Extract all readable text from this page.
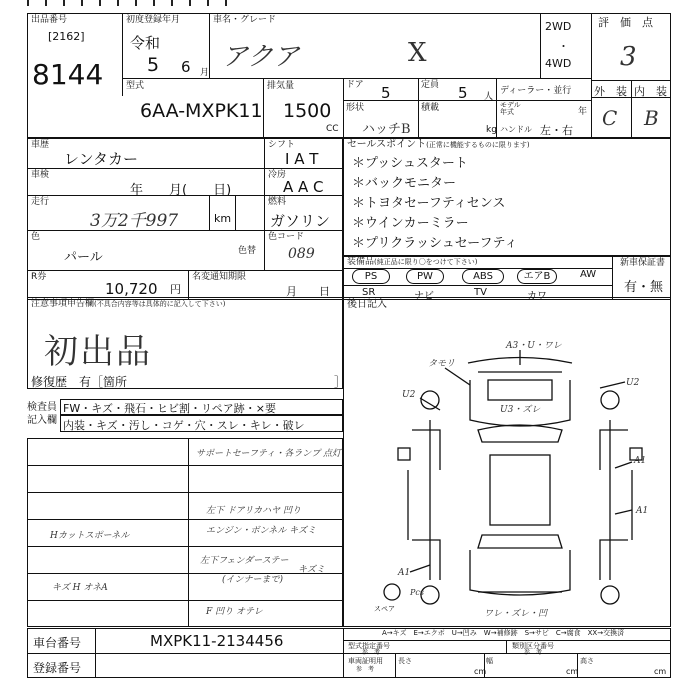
出品番号
[2162]
8144
初度登録年月
令和
5 6 月
車名・グレード
アクア	X
2WD
・
4WD
評　価　点
3
外　装 内　装
C B
型式
6AA-MXPK11
排気量
1500
CC
ドア 5	定員 5 人
ディーラー・並行
モデル
年式	年
形状
ハッチB
積載
kg ハンドル 左・右
車歴
レンタカー
シフト
I A T
車検
年　　月(　　日)
冷房
A A C
走行
3万2千997	km
燃料
ガソリン
色
パール	色替
色コード
089
R券
10,720 円
名変通知期限
月　　日
セールスポイント(正常に機能するものに限ります)
＊プッシュスタート
＊バックモニター
＊トヨタセーフティセンス
＊ウインカーミラー
＊プリクラッシュセーフティ
装備品(純正品に限り〇をつけて下さい)	新車保証書
有・無
PS	PW	ABS	エアB	AW
SR	ナビ	TV	カワ
注意事項申告欄(不具合内容等は具体的に記入して下さい)
初出品
修復歴　有［箇所	］
後日記入
A3・U・ワレ
タモリ
U2
U3・ズレ
U2
A1
A1
A1
スペア	ワレ・ズレ・凹
Pcs
検査員
記入欄
FW・キズ・飛石・ヒビ割・リペア跡・×要
内装・キズ・汚し・コゲ・穴・スレ・キレ・破レ
サポートセーフティ・各ランプ 点灯
左下 ドアリカハヤ 凹り
エンジン・ボンネル キズミ
Hカットスポーネル
左下フェンダーステー
(インナーまで)
キズミ
キズ H オネA
F 凹り オテレ
A→キズ　E→エクボ　U→凹み　W→補修跡　S→サビ　C→腐食　XX→交換済
車台番号	MXPK11-2134456
登録番号
型式指定番号
参　考
類別区分番号
参　考
車両証明用
参　考
長さ
cm
幅
cm
高さ
cm
